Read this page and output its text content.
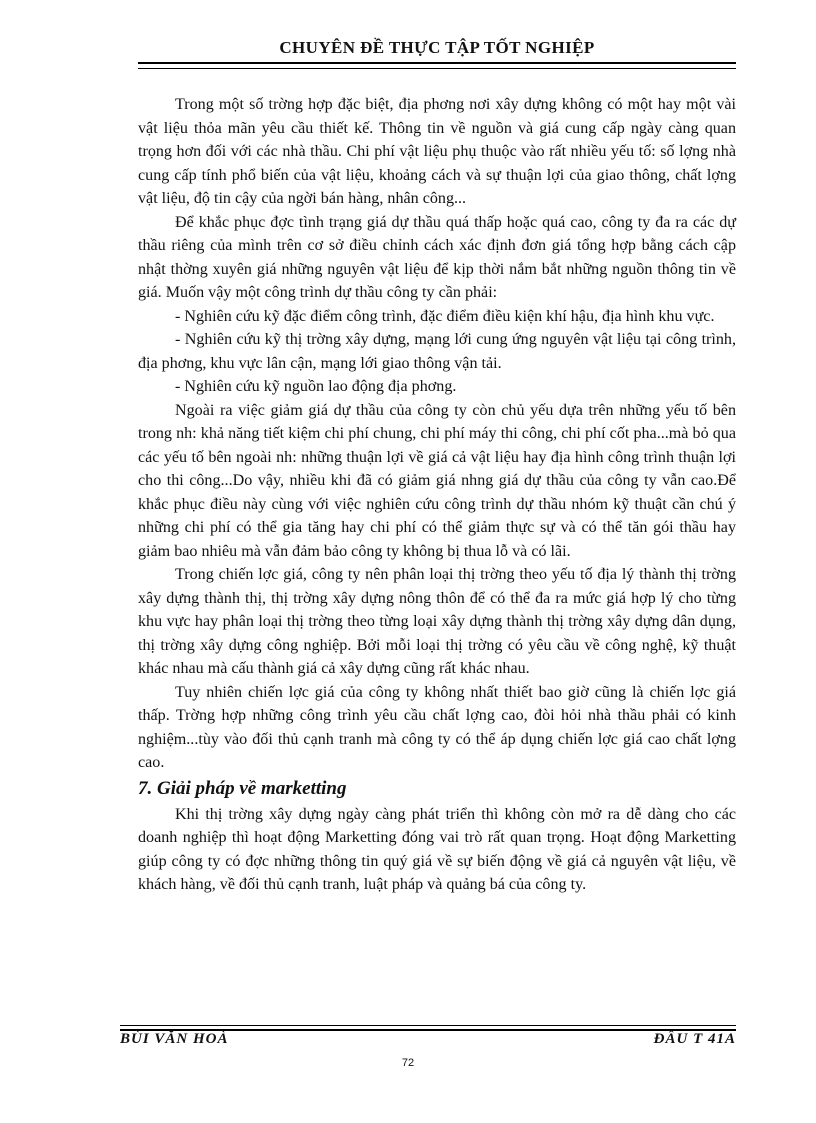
CHUYÊN ĐỀ THỰC TẬP TỐT NGHIỆP

Trong một số trờng hợp đặc biệt, địa phơng nơi xây dựng không có một hay một vài vật liệu thỏa mãn yêu cầu thiết kế. Thông tin về nguồn và giá cung cấp ngày càng quan trọng hơn đối với các nhà thầu. Chi phí vật liệu phụ thuộc vào rất nhiều yếu tố: số lợng nhà cung cấp tính phổ biến của vật liệu, khoảng cách và sự thuận lợi của giao thông, chất lợng vật liệu, độ tin cậy của ngời bán hàng, nhân công...

Để khắc phục đợc tình trạng giá dự thầu quá thấp hoặc quá cao, công ty đa ra các dự thầu riêng của mình trên cơ sở điều chỉnh cách xác định đơn giá tổng hợp bằng cách cập nhật thờng xuyên giá những nguyên vật liệu để kịp thời nắm bắt những nguồn thông tin về giá. Muốn vậy một công trình dự thầu công ty cần phải:

- Nghiên cứu kỹ đặc điểm công trình, đặc điểm điều kiện khí hậu, địa hình khu vực.

- Nghiên cứu kỹ thị trờng xây dựng, mạng lới cung ứng nguyên vật liệu tại công trình, địa phơng, khu vực lân cận, mạng lới giao thông vận tải.

- Nghiên cứu kỹ nguồn lao động địa phơng.

Ngoài ra việc giảm giá dự thầu của công ty còn chủ yếu dựa trên những yếu tố bên trong nh: khả năng tiết kiệm chi phí chung, chi phí máy thi công, chi phí cốt pha...mà bỏ qua các yếu tố bên ngoài nh: những thuận lợi về giá cả vật liệu hay địa hình công trình thuận lợi cho thi công...Do vậy, nhiều khi đã có giảm giá nhng giá dự thầu của công ty vẫn cao.Để khắc phục điều này cùng với việc nghiên cứu công trình dự thầu nhóm kỹ thuật cần chú ý những chi phí có thể gia tăng hay chi phí có thể giảm thực sự và có thể tăn gói thầu hay giảm bao nhiêu mà vẫn đảm bảo công ty không bị thua lỗ và có lãi.

Trong chiến lợc giá, công ty nên phân loại thị trờng theo yếu tố địa lý thành thị trờng xây dựng thành thị, thị trờng xây dựng nông thôn để có thể đa ra mức giá hợp lý cho từng khu vực hay phân loại thị trờng theo từng loại xây dựng thành thị trờng xây dựng dân dụng, thị trờng xây dựng công nghiệp. Bởi mỗi loại thị trờng có yêu cầu về công nghệ, kỹ thuật khác nhau mà cấu thành giá cả xây dựng cũng rất khác nhau.

Tuy nhiên chiến lợc giá của công ty không nhất thiết bao giờ cũng là chiến lợc giá thấp. Trờng hợp những công trình yêu cầu chất lợng cao, đòi hỏi nhà thầu phải có kinh nghiệm...tùy vào đối thủ cạnh tranh mà công ty có thể áp dụng chiến lợc giá cao chất lợng cao.

7. Giải pháp về marketting

Khi thị trờng xây dựng ngày càng phát triển thì không còn mở ra dễ dàng cho các doanh nghiệp thì hoạt động Marketting đóng vai trò rất quan trọng. Hoạt động Marketting giúp công ty có đợc những thông tin quý giá về sự biến động về giá cả nguyên vật liệu, về khách hàng, về đối thủ cạnh tranh, luật pháp và quảng bá của công ty.

BÙI VĂN HOÀ	ĐẦU T 41A
72
